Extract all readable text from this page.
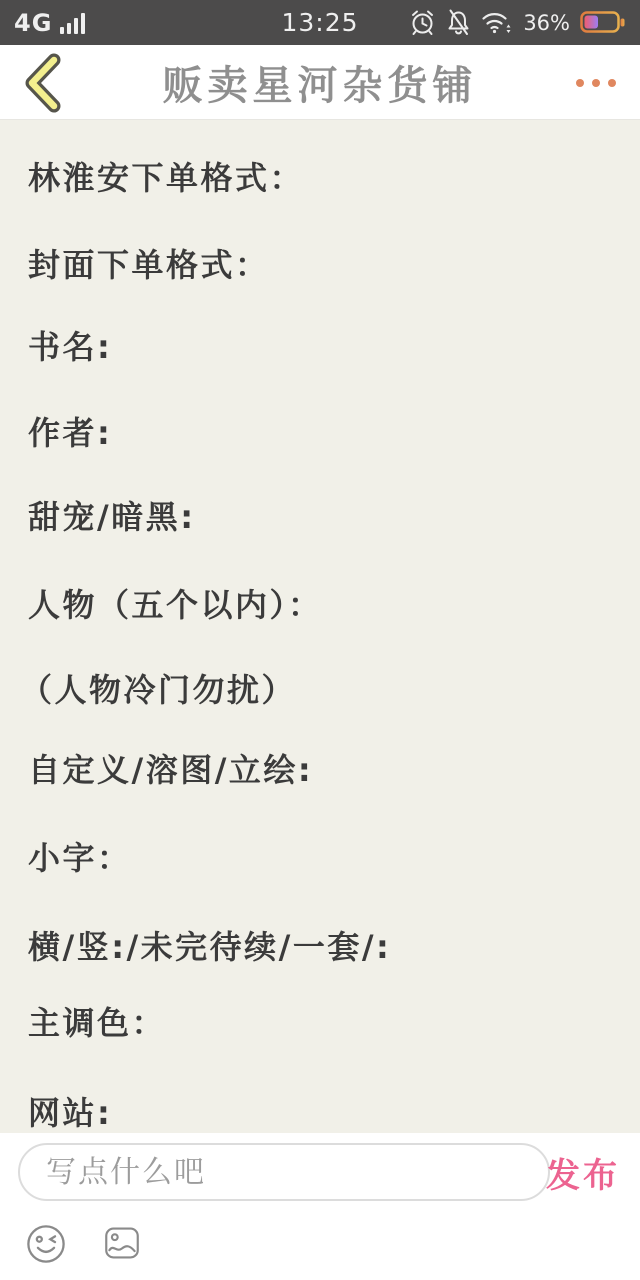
4G	13:25	36%
贩卖星河杂货铺
林淮安下单格式：
封面下单格式：
书名:
作者:
甜宠/暗黑:
人物（五个以内）：
（人物冷门勿扰）
自定义/溶图/立绘:
小字：
横/竖:/未完待续/一套/:
主调色：
网站:
写点什么吧
发布
